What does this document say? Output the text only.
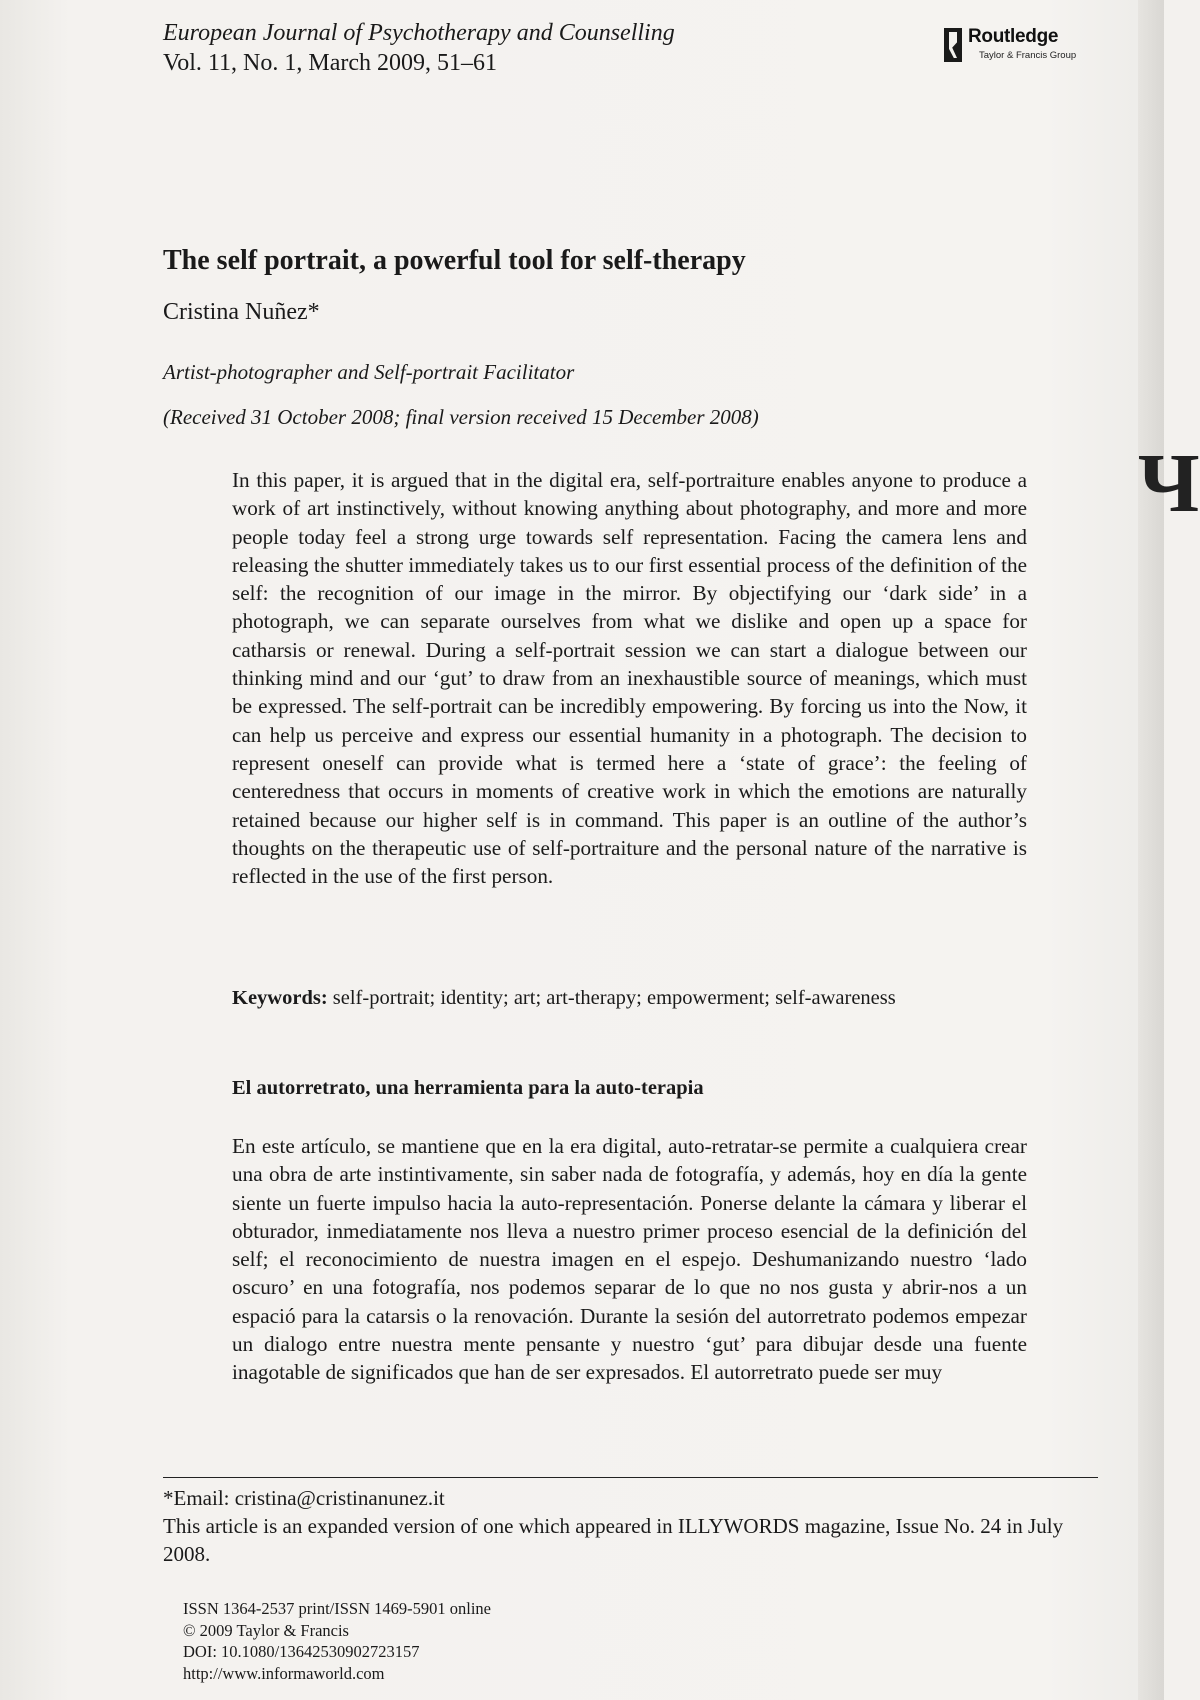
European Journal of Psychotherapy and Counselling
Vol. 11, No. 1, March 2009, 51–61
Routledge
Taylor & Francis Group
The self portrait, a powerful tool for self-therapy
Cristina Nuñez*
Artist-photographer and Self-portrait Facilitator
(Received 31 October 2008; final version received 15 December 2008)

In this paper, it is argued that in the digital era, self-portraiture enables anyone to produce a work of art instinctively, without knowing anything about photography, and more and more people today feel a strong urge towards self representation. Facing the camera lens and releasing the shutter immediately takes us to our first essential process of the definition of the self: the recognition of our image in the mirror. By objectifying our ‘dark side’ in a photograph, we can separate ourselves from what we dislike and open up a space for catharsis or renewal. During a self-portrait session we can start a dialogue between our thinking mind and our ‘gut’ to draw from an inexhaustible source of meanings, which must be expressed. The self-portrait can be incredibly empowering. By forcing us into the Now, it can help us perceive and express our essential humanity in a photograph. The decision to represent oneself can provide what is termed here a ‘state of grace’: the feeling of centeredness that occurs in moments of creative work in which the emotions are naturally retained because our higher self is in command. This paper is an outline of the author’s thoughts on the therapeutic use of self-portraiture and the personal nature of the narrative is reflected in the use of the first person.

Keywords: self-portrait; identity; art; art-therapy; empowerment; self-awareness
El autorretrato, una herramienta para la auto-terapia

En este artículo, se mantiene que en la era digital, auto-retratar-se permite a cualquiera crear una obra de arte instintivamente, sin saber nada de fotografía, y además, hoy en día la gente siente un fuerte impulso hacia la auto-representación. Ponerse delante la cámara y liberar el obturador, inmediatamente nos lleva a nuestro primer proceso esencial de la definición del self; el reconocimiento de nuestra imagen en el espejo. Deshumanizando nuestro ‘lado oscuro’ en una fotografía, nos podemos separar de lo que no nos gusta y abrir-nos a un espació para la catarsis o la renovación. Durante la sesión del autorretrato podemos empezar un dialogo entre nuestra mente pensante y nuestro ‘gut’ para dibujar desde una fuente inagotable de significados que han de ser expresados. El autorretrato puede ser muy

*Email: cristina@cristinanunez.it
This article is an expanded version of one which appeared in ILLYWORDS magazine, Issue No. 24 in July 2008.
ISSN 1364-2537 print/ISSN 1469-5901 online
© 2009 Taylor & Francis
DOI: 10.1080/13642530902723157
http://www.informaworld.com
Ч
